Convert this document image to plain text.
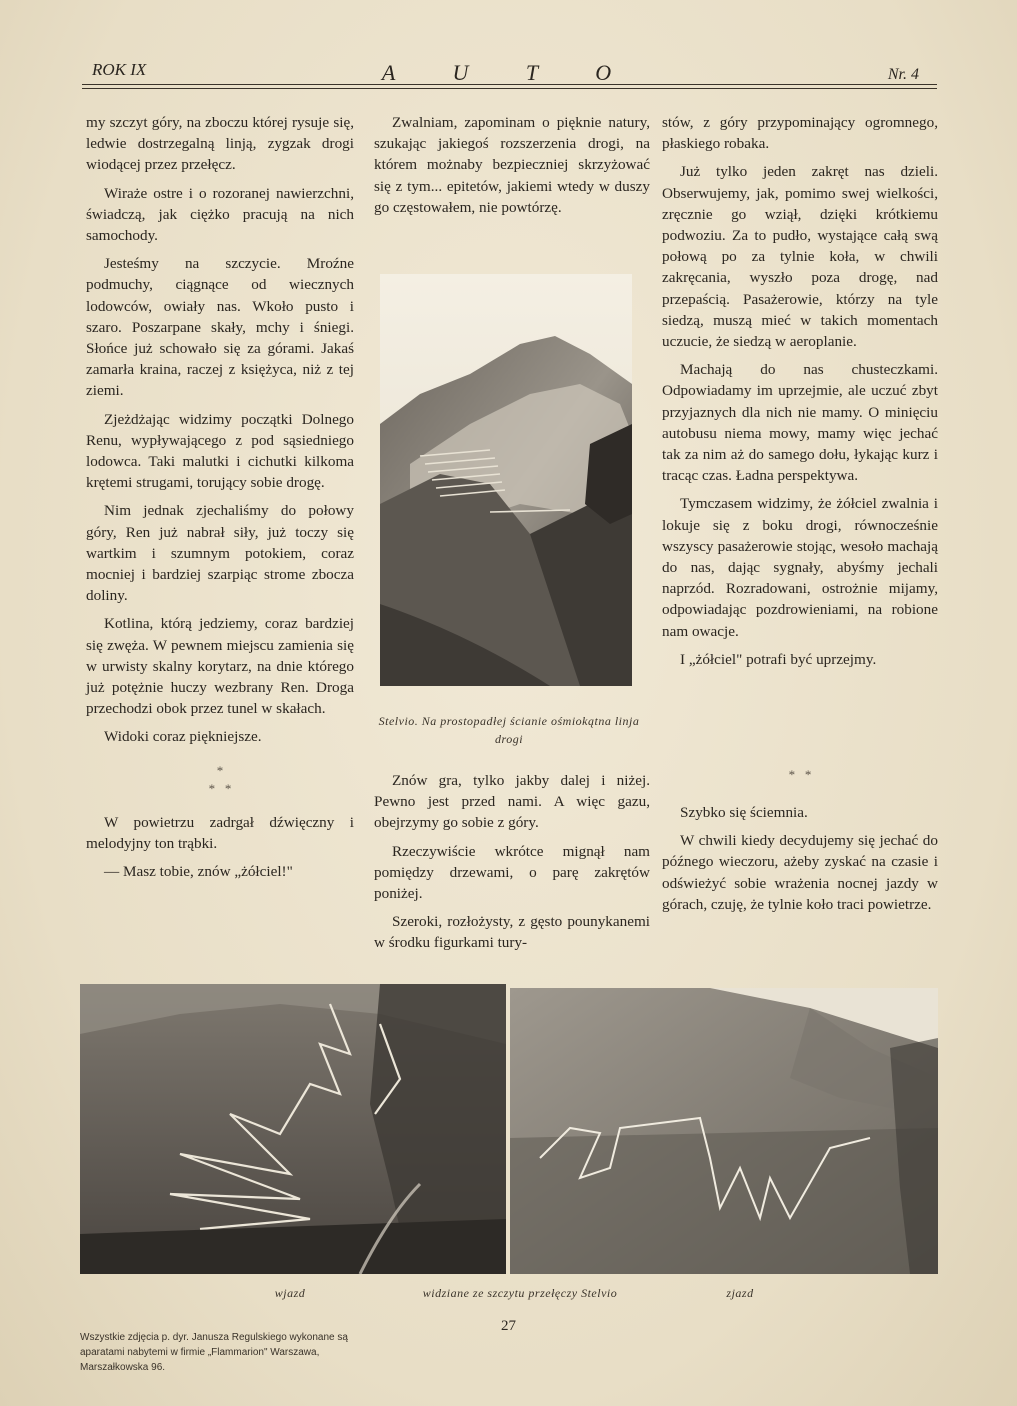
ROK IX	A U T O	Nr. 4

my szczyt góry, na zboczu której rysuje się, ledwie dostrzegalną linją, zygzak drogi wiodącej przez przełęcz.

Wiraże ostre i o rozoranej nawierzchni, świadczą, jak ciężko pracują na nich samochody.

Jesteśmy na szczycie. Mroźne podmuchy, ciągnące od wiecznych lodowców, owiały nas. Wkoło pusto i szaro. Poszarpane skały, mchy i śniegi. Słońce już schowało się za górami. Jakaś zamarła kraina, raczej z księżyca, niż z tej ziemi.

Zjeżdżając widzimy początki Dolnego Renu, wypływającego z pod sąsiedniego lodowca. Taki malutki i cichutki kilkoma krętemi strugami, torujący sobie drogę.

Nim jednak zjechaliśmy do połowy góry, Ren już nabrał siły, już toczy się wartkim i szumnym potokiem, coraz mocniej i bardziej szarpiąc strome zbocza doliny.

Kotlina, którą jedziemy, coraz bardziej się zwęża. W pewnem miejscu zamienia się w urwisty skalny korytarz, na dnie którego już potężnie huczy wezbrany Ren. Droga przechodzi obok przez tunel w skałach.

Widoki coraz piękniejsze.

*
*   *

W powietrzu zadrgał dźwięczny i melodyjny ton trąbki.

— Masz tobie, znów „żółciel!"

Zwalniam, zapominam o pięknie natury, szukając jakiegoś rozszerzenia drogi, na którem możnaby bezpieczniej skrzyżować się z tym... epitetów, jakiemi wtedy w duszy go częstowałem, nie powtórzę.

Stelvio. Na prostopadłej ścianie ośmiokątna linja drogi

Znów gra, tylko jakby dalej i niżej. Pewno jest przed nami. A więc gazu, obejrzymy go sobie z góry.

Rzeczywiście wkrótce mignął nam pomiędzy drzewami, o parę zakrętów poniżej.

Szeroki, rozłożysty, z gęsto pounykanemi w środku figurkami tury-

stów, z góry przypominający ogromnego, płaskiego robaka.

Już tylko jeden zakręt nas dzieli. Obserwujemy, jak, pomimo swej wielkości, zręcznie go wziął, dzięki krótkiemu podwoziu. Za to pudło, wystające całą swą połową po za tylnie koła, w chwili zakręcania, wyszło poza drogę, nad przepaścią. Pasażerowie, którzy na tyle siedzą, muszą mieć w takich momentach uczucie, że siedzą w aeroplanie.

Machają do nas chusteczkami. Odpowiadamy im uprzejmie, ale uczuć zbyt przyjaznych dla nich nie mamy. O minięciu autobusu niema mowy, mamy więc jechać tak za nim aż do samego dołu, łykając kurz i tracąc czas. Ładna perspektywa.

Tymczasem widzimy, że żółciel zwalnia i lokuje się z boku drogi, równocześnie wszyscy pasażerowie stojąc, wesoło machają do nas, dając sygnały, abyśmy jechali naprzód. Rozradowani, ostrożnie mijamy, odpowiadając pozdrowieniami, na robione nam owacje.

I „żółciel" potrafi być uprzejmy.

*   *

Szybko się ściemnia.

W chwili kiedy decydujemy się jechać do późnego wieczoru, ażeby zyskać na czasie i odświeżyć sobie wrażenia nocnej jazdy w górach, czuję, że tylnie koło traci powietrze.

wjazd	widziane ze szczytu przełęczy Stelvio	zjazd
27
Wszystkie zdjęcia p. dyr. Janusza Regulskiego wykonane są aparatami nabytemi w firmie „Flammarion" Warszawa, Marszałkowska 96.
